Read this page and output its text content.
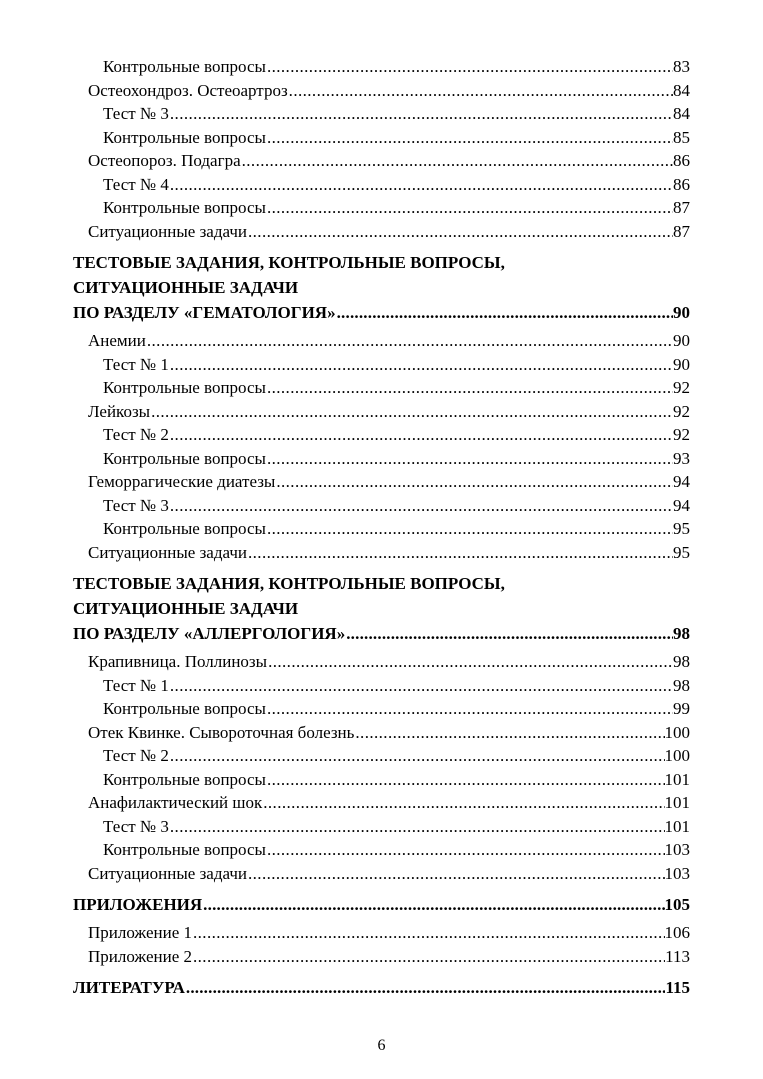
Контрольные вопросы .....	83
Остеохондроз. Остеоартроз .....	84
Тест № 3 .....	84
Контрольные вопросы .....	85
Остеопороз. Подагра .....	86
Тест № 4 .....	86
Контрольные вопросы .....	87
Ситуационные задачи .....	87
ТЕСТОВЫЕ ЗАДАНИЯ, КОНТРОЛЬНЫЕ ВОПРОСЫ,
СИТУАЦИОННЫЕ ЗАДАЧИ
ПО РАЗДЕЛУ «ГЕМАТОЛОГИЯ» .....	90
Анемии .....	90
Тест № 1 .....	90
Контрольные вопросы .....	92
Лейкозы .....	92
Тест № 2 .....	92
Контрольные вопросы .....	93
Геморрагические диатезы .....	94
Тест № 3 .....	94
Контрольные вопросы .....	95
Ситуационные задачи .....	95
ТЕСТОВЫЕ ЗАДАНИЯ, КОНТРОЛЬНЫЕ ВОПРОСЫ,
СИТУАЦИОННЫЕ ЗАДАЧИ
ПО РАЗДЕЛУ «АЛЛЕРГОЛОГИЯ» .....	98
Крапивница. Поллинозы .....	98
Тест № 1 .....	98
Контрольные вопросы .....	99
Отек Квинке. Сывороточная болезнь .....	100
Тест № 2 .....	100
Контрольные вопросы .....	101
Анафилактический шок .....	101
Тест № 3 .....	101
Контрольные вопросы .....	103
Ситуационные задачи .....	103
ПРИЛОЖЕНИЯ .....	105
Приложение 1 .....	106
Приложение 2 .....	113
ЛИТЕРАТУРА .....	115
6
